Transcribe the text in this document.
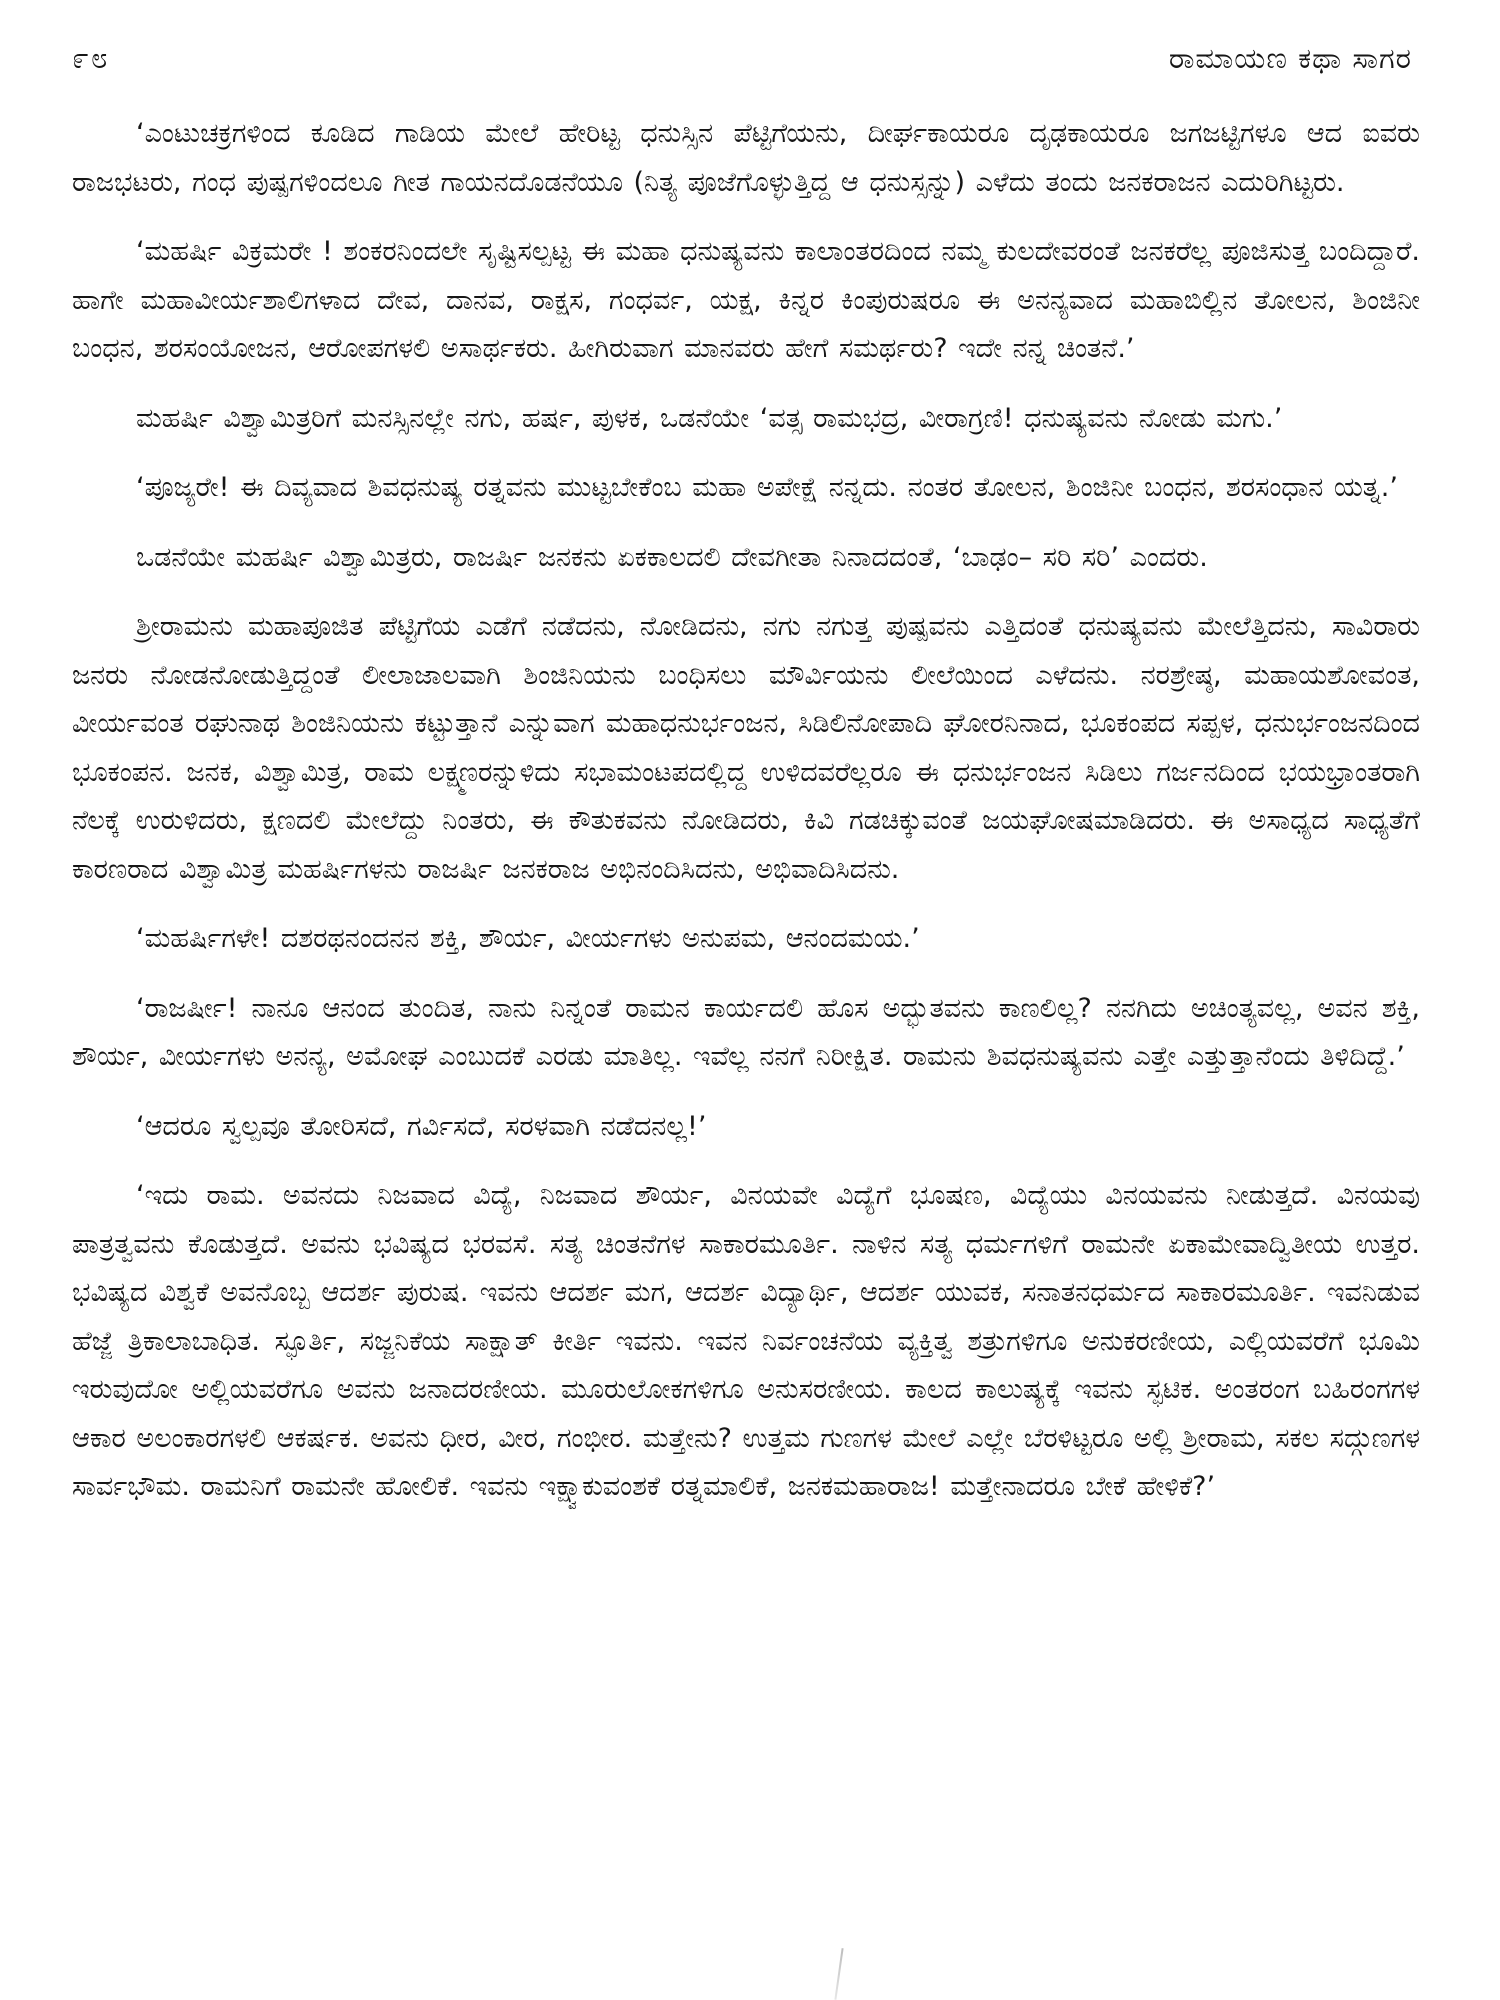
೯೮	ರಾಮಾಯಣ ಕಥಾ ಸಾಗರ

‘ಎಂಟುಚಕ್ರಗಳಿಂದ ಕೂಡಿದ ಗಾಡಿಯ ಮೇಲೆ ಹೇರಿಟ್ಟ ಧನುಸ್ಸಿನ ಪೆಟ್ಟಿಗೆಯನು, ದೀರ್ಘಕಾಯರೂ ದೃಢಕಾಯರೂ ಜಗಜಟ್ಟಿಗಳೂ ಆದ ಐವರು ರಾಜಭಟರು, ಗಂಧ ಪುಷ್ಪಗಳಿಂದಲೂ ಗೀತ ಗಾಯನದೊಡನೆಯೂ (ನಿತ್ಯ ಪೂಜೆಗೊಳ್ಳುತ್ತಿದ್ದ ಆ ಧನುಸ್ಸನ್ನು) ಎಳೆದು ತಂದು ಜನಕರಾಜನ ಎದುರಿಗಿಟ್ಟರು.

‘ಮಹರ್ಷಿ ವಿಕ್ರಮರೇ ! ಶಂಕರನಿಂದಲೇ ಸೃಷ್ಟಿಸಲ್ಪಟ್ಟ ಈ ಮಹಾ ಧನುಷ್ಯವನು ಕಾಲಾಂತರದಿಂದ ನಮ್ಮ ಕುಲದೇವರಂತೆ ಜನಕರೆಲ್ಲ ಪೂಜಿಸುತ್ತ ಬಂದಿದ್ದಾರೆ. ಹಾಗೇ ಮಹಾವೀರ್ಯಶಾಲಿಗಳಾದ ದೇವ, ದಾನವ, ರಾಕ್ಷಸ, ಗಂಧರ್ವ, ಯಕ್ಷ, ಕಿನ್ನರ ಕಿಂಪುರುಷರೂ ಈ ಅನನ್ಯವಾದ ಮಹಾಬಿಲ್ಲಿನ ತೋಲನ, ಶಿಂಜಿನೀ ಬಂಧನ, ಶರಸಂಯೋಜನ, ಆರೋಪಗಳಲಿ ಅಸಾರ್ಥಕರು. ಹೀಗಿರುವಾಗ ಮಾನವರು ಹೇಗೆ ಸಮರ್ಥರು? ಇದೇ ನನ್ನ ಚಿಂತನೆ.’

ಮಹರ್ಷಿ ವಿಶ್ವಾಮಿತ್ರರಿಗೆ ಮನಸ್ಸಿನಲ್ಲೇ ನಗು, ಹರ್ಷ, ಪುಳಕ, ಒಡನೆಯೇ ‘ವತ್ಸ ರಾಮಭದ್ರ, ವೀರಾಗ್ರಣಿ! ಧನುಷ್ಯವನು ನೋಡು ಮಗು.’

‘ಪೂಜ್ಯರೇ! ಈ ದಿವ್ಯವಾದ ಶಿವಧನುಷ್ಯ ರತ್ನವನು ಮುಟ್ಟಬೇಕೆಂಬ ಮಹಾ ಅಪೇಕ್ಷೆ ನನ್ನದು. ನಂತರ ತೋಲನ, ಶಿಂಜಿನೀ ಬಂಧನ, ಶರಸಂಧಾನ ಯತ್ನ.’

ಒಡನೆಯೇ ಮಹರ್ಷಿ ವಿಶ್ವಾಮಿತ್ರರು, ರಾಜರ್ಷಿ ಜನಕನು ಏಕಕಾಲದಲಿ ದೇವಗೀತಾ ನಿನಾದದಂತೆ, ‘ಬಾಢಂ– ಸರಿ ಸರಿ’ ಎಂದರು.

ಶ್ರೀರಾಮನು ಮಹಾಪೂಜಿತ ಪೆಟ್ಟಿಗೆಯ ಎಡೆಗೆ ನಡೆದನು, ನೋಡಿದನು, ನಗು ನಗುತ್ತ ಪುಷ್ಪವನು ಎತ್ತಿದಂತೆ ಧನುಷ್ಯವನು ಮೇಲೆತ್ತಿದನು, ಸಾವಿರಾರು ಜನರು ನೋಡನೋಡುತ್ತಿದ್ದಂತೆ ಲೀಲಾಜಾಲವಾಗಿ ಶಿಂಜಿನಿಯನು ಬಂಧಿಸಲು ಮೌರ್ವಿಯನು ಲೀಲೆಯಿಂದ ಎಳೆದನು. ನರಶ್ರೇಷ್ಠ, ಮಹಾಯಶೋವಂತ, ವೀರ್ಯವಂತ ರಘುನಾಥ ಶಿಂಜಿನಿಯನು ಕಟ್ಟುತ್ತಾನೆ ಎನ್ನುವಾಗ ಮಹಾಧನುರ್ಭಂಜನ, ಸಿಡಿಲಿನೋಪಾದಿ ಘೋರನಿನಾದ, ಭೂಕಂಪದ ಸಪ್ಪಳ, ಧನುರ್ಭಂಜನದಿಂದ ಭೂಕಂಪನ. ಜನಕ, ವಿಶ್ವಾಮಿತ್ರ, ರಾಮ ಲಕ್ಷ್ಮಣರನ್ನುಳಿದು ಸಭಾಮಂಟಪದಲ್ಲಿದ್ದ ಉಳಿದವರೆಲ್ಲರೂ ಈ ಧನುರ್ಭಂಜನ ಸಿಡಿಲು ಗರ್ಜನದಿಂದ ಭಯಭ್ರಾಂತರಾಗಿ ನೆಲಕ್ಕೆ ಉರುಳಿದರು, ಕ್ಷಣದಲಿ ಮೇಲೆದ್ದು ನಿಂತರು, ಈ ಕೌತುಕವನು ನೋಡಿದರು, ಕಿವಿ ಗಡಚಿಕ್ಕುವಂತೆ ಜಯಘೋಷಮಾಡಿದರು. ಈ ಅಸಾಧ್ಯದ ಸಾಧ್ಯತೆಗೆ ಕಾರಣರಾದ ವಿಶ್ವಾಮಿತ್ರ ಮಹರ್ಷಿಗಳನು ರಾಜರ್ಷಿ ಜನಕರಾಜ ಅಭಿನಂದಿಸಿದನು, ಅಭಿವಾದಿಸಿದನು.

‘ಮಹರ್ಷಿಗಳೇ! ದಶರಥನಂದನನ ಶಕ್ತಿ, ಶೌರ್ಯ, ವೀರ್ಯಗಳು ಅನುಪಮ, ಆನಂದಮಯ.’

‘ರಾಜರ್ಷೀ! ನಾನೂ ಆನಂದ ತುಂದಿತ, ನಾನು ನಿನ್ನಂತೆ ರಾಮನ ಕಾರ್ಯದಲಿ ಹೊಸ ಅದ್ಭುತವನು ಕಾಣಲಿಲ್ಲ? ನನಗಿದು ಅಚಿಂತ್ಯವಲ್ಲ, ಅವನ ಶಕ್ತಿ, ಶೌರ್ಯ, ವೀರ್ಯಗಳು ಅನನ್ಯ, ಅಮೋಘ ಎಂಬುದಕೆ ಎರಡು ಮಾತಿಲ್ಲ. ಇವೆಲ್ಲ ನನಗೆ ನಿರೀಕ್ಷಿತ. ರಾಮನು ಶಿವಧನುಷ್ಯವನು ಎತ್ತೇ ಎತ್ತುತ್ತಾನೆಂದು ತಿಳಿದಿದ್ದೆ.’

‘ಆದರೂ ಸ್ವಲ್ಪವೂ ತೋರಿಸದೆ, ಗರ್ವಿಸದೆ, ಸರಳವಾಗಿ ನಡೆದನಲ್ಲ!’

‘ಇದು ರಾಮ. ಅವನದು ನಿಜವಾದ ವಿದ್ಯೆ, ನಿಜವಾದ ಶೌರ್ಯ, ವಿನಯವೇ ವಿದ್ಯೆಗೆ ಭೂಷಣ, ವಿದ್ಯೆಯು ವಿನಯವನು ನೀಡುತ್ತದೆ. ವಿನಯವು ಪಾತ್ರತ್ವವನು ಕೊಡುತ್ತದೆ. ಅವನು ಭವಿಷ್ಯದ ಭರವಸೆ. ಸತ್ಯ ಚಿಂತನೆಗಳ ಸಾಕಾರಮೂರ್ತಿ. ನಾಳಿನ ಸತ್ಯ ಧರ್ಮಗಳಿಗೆ ರಾಮನೇ ಏಕಾಮೇವಾದ್ವಿತೀಯ ಉತ್ತರ. ಭವಿಷ್ಯದ ವಿಶ್ವಕೆ ಅವನೊಬ್ಬ ಆದರ್ಶ ಪುರುಷ. ಇವನು ಆದರ್ಶ ಮಗ, ಆದರ್ಶ ವಿದ್ಯಾರ್ಥಿ, ಆದರ್ಶ ಯುವಕ, ಸನಾತನಧರ್ಮದ ಸಾಕಾರಮೂರ್ತಿ. ಇವನಿಡುವ ಹೆಜ್ಜೆ ತ್ರಿಕಾಲಾಬಾಧಿತ. ಸ್ಫೂರ್ತಿ, ಸಜ್ಜನಿಕೆಯ ಸಾಕ್ಷಾತ್ ಕೀರ್ತಿ ಇವನು. ಇವನ ನಿರ್ವಂಚನೆಯ ವ್ಯಕ್ತಿತ್ವ ಶತ್ರುಗಳಿಗೂ ಅನುಕರಣೀಯ, ಎಲ್ಲಿಯವರೆಗೆ ಭೂಮಿ ಇರುವುದೋ ಅಲ್ಲಿಯವರೆಗೂ ಅವನು ಜನಾದರಣೀಯ. ಮೂರುಲೋಕಗಳಿಗೂ ಅನುಸರಣೀಯ. ಕಾಲದ ಕಾಲುಷ್ಯಕ್ಕೆ ಇವನು ಸ್ಫಟಿಕ. ಅಂತರಂಗ ಬಹಿರಂಗಗಳ ಆಕಾರ ಅಲಂಕಾರಗಳಲಿ ಆಕರ್ಷಕ. ಅವನು ಧೀರ, ವೀರ, ಗಂಭೀರ. ಮತ್ತೇನು? ಉತ್ತಮ ಗುಣಗಳ ಮೇಲೆ ಎಲ್ಲೇ ಬೆರಳಿಟ್ಟರೂ ಅಲ್ಲಿ ಶ್ರೀರಾಮ, ಸಕಲ ಸದ್ಗುಣಗಳ ಸಾರ್ವಭೌಮ. ರಾಮನಿಗೆ ರಾಮನೇ ಹೋಲಿಕೆ. ಇವನು ಇಕ್ಷ್ವಾಕುವಂಶಕೆ ರತ್ನಮಾಲಿಕೆ, ಜನಕಮಹಾರಾಜ! ಮತ್ತೇನಾದರೂ ಬೇಕೆ ಹೇಳಿಕೆ?’
